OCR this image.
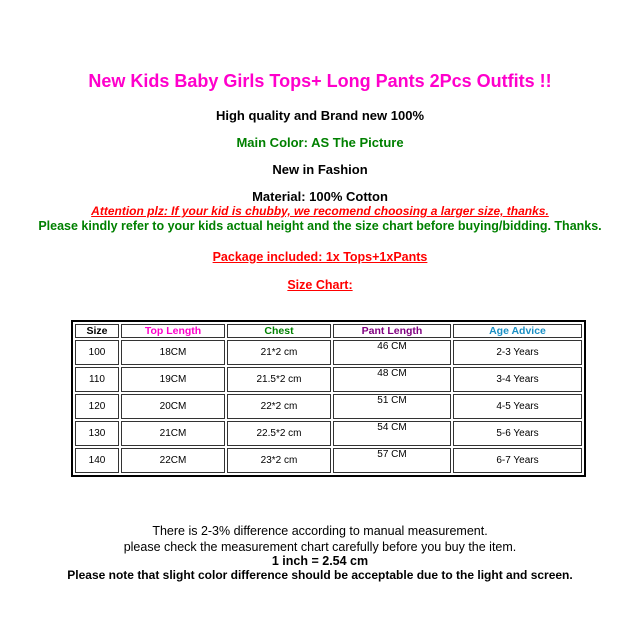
New Kids Baby Girls Tops+ Long Pants 2Pcs Outfits !!
High quality and Brand new 100%
Main Color: AS The Picture
New in Fashion
Material: 100% Cotton
Attention plz: If your kid is chubby, we recomend choosing a larger size, thanks.
Please kindly refer to your kids actual height and the size chart before buying/bidding. Thanks.
Package included: 1x Tops+1xPants
Size Chart:
Size	Top Length	Chest	Pant Length	Age Advice
100	18CM	21*2 cm	46 CM	2-3 Years
110	19CM	21.5*2 cm	48 CM	3-4 Years
120	20CM	22*2 cm	51 CM	4-5 Years
130	21CM	22.5*2 cm	54 CM	5-6 Years
140	22CM	23*2 cm	57 CM	6-7 Years
There is 2-3% difference according to manual measurement.
please check the measurement chart carefully before you buy the item.
1 inch = 2.54 cm
Please note that slight color difference should be acceptable due to the light and screen.
